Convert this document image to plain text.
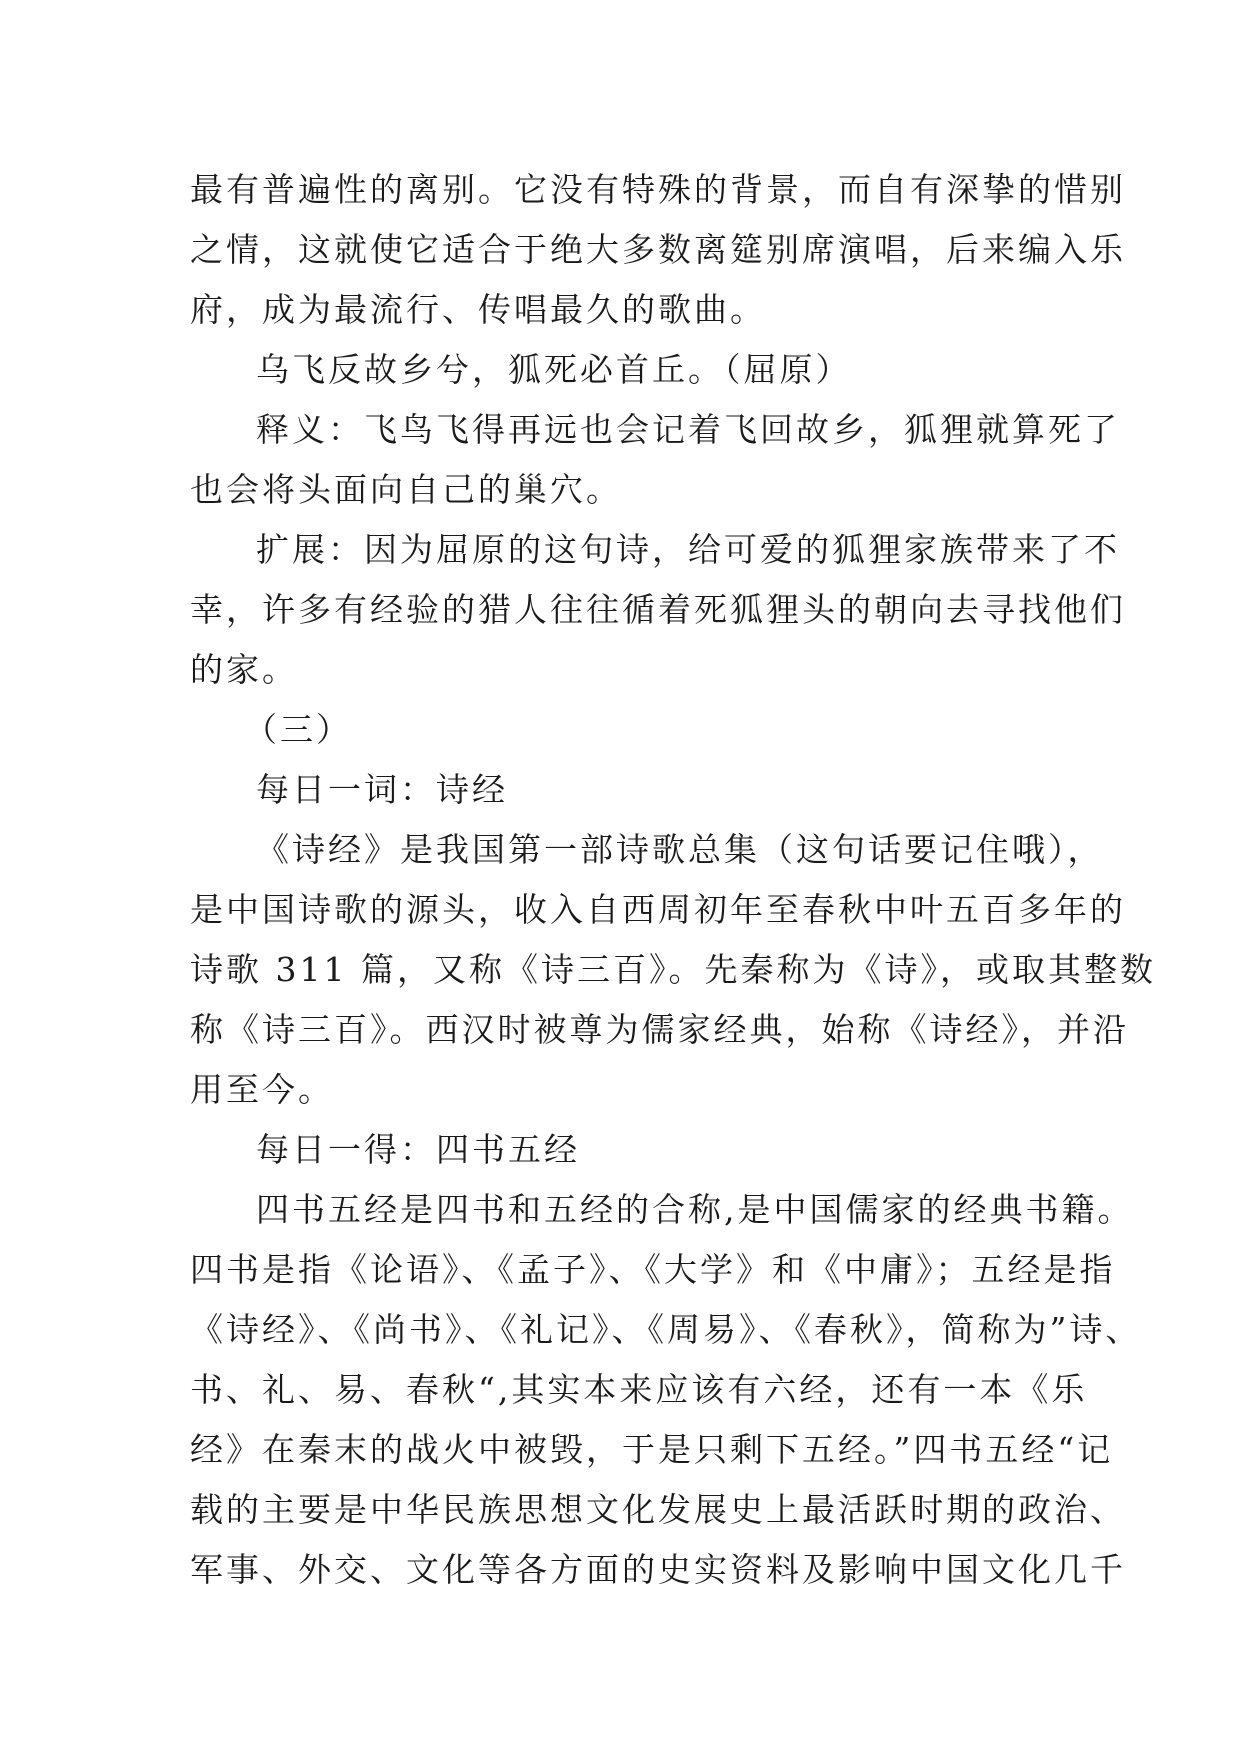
最有普遍性的离别。它没有特殊的背景，而自有深挚的惜别
之情，这就使它适合于绝大多数离筵别席演唱，后来编入乐
府，成为最流行、传唱最久的歌曲。
乌飞反故乡兮，狐死必首丘。（屈原）
释义：飞鸟飞得再远也会记着飞回故乡，狐狸就算死了
也会将头面向自己的巢穴。
扩展：因为屈原的这句诗，给可爱的狐狸家族带来了不
幸，许多有经验的猎人往往循着死狐狸头的朝向去寻找他们
的家。
（三）
每日一词：诗经
《诗经》是我国第一部诗歌总集（这句话要记住哦），
是中国诗歌的源头，收入自西周初年至春秋中叶五百多年的
诗歌 311 篇，又称《诗三百》。先秦称为《诗》，或取其整数
称《诗三百》。西汉时被尊为儒家经典，始称《诗经》，并沿
用至今。
每日一得：四书五经
四书五经是四书和五经的合称,是中国儒家的经典书籍。
四书是指《论语》、《孟子》、《大学》和《中庸》；五经是指
《诗经》、《尚书》、《礼记》、《周易》、《春秋》，简称为”诗、
书、礼、易、春秋“,其实本来应该有六经，还有一本《乐
经》在秦末的战火中被毁，于是只剩下五经。”四书五经“记
载的主要是中华民族思想文化发展史上最活跃时期的政治、
军事、外交、文化等各方面的史实资料及影响中国文化几千
